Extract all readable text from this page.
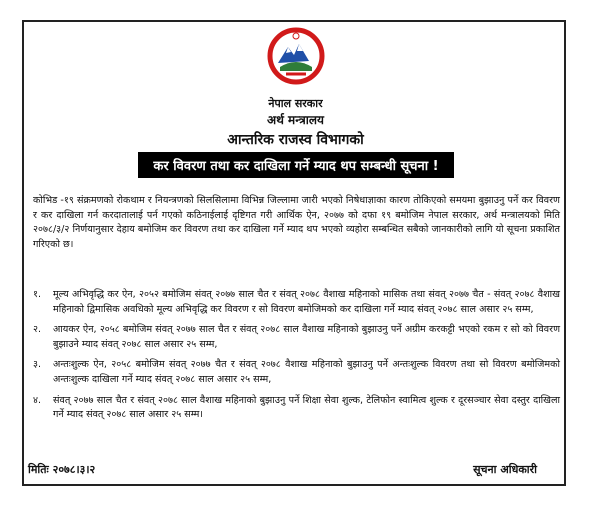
नेपाल सरकार
अर्थ मन्त्रालय
आन्तरिक राजस्व विभागको
कर विवरण तथा कर दाखिला गर्ने म्याद थप सम्बन्धी सूचना !
कोभिड -१९ संक्रमणको रोकथाम र नियन्त्रणको सिलसिलामा विभिन्न जिल्लामा जारी भएको निषेधाज्ञाका कारण तोकिएको समयमा बुझाउनु पर्ने कर विवरण र कर दाखिला गर्न करदातालाई पर्न गएको कठिनाईलाई दृष्टिगत गरी आर्थिक ऐन, २०७७ को दफा १९ बमोजिम नेपाल सरकार, अर्थ मन्त्रालयको मिति २०७८/३/२ निर्णयानुसार देहाय बमोजिम कर विवरण तथा कर दाखिला गर्ने म्याद थप भएको व्यहोरा सम्बन्धित सबैको जानकारीको लागि यो सूचना प्रकाशित गरिएको छ।
१.	मूल्य अभिवृद्धि कर ऐन, २०५२ बमोजिम संवत् २०७७ साल चैत र संवत् २०७८ वैशाख महिनाको मासिक तथा संवत् २०७७ चैत - संवत् २०७८ वैशाख महिनाको द्विमासिक अवधिको मूल्य अभिवृद्धि कर विवरण र सो विवरण बमोजिमको कर दाखिला गर्ने म्याद संवत् २०७८ साल असार २५ सम्म,
२.	आयकर ऐन, २०५८ बमोजिम संवत् २०७७ साल चैत र संवत् २०७८ साल वैशाख महिनाको बुझाउनु पर्ने अग्रीम करकट्टी भएको रकम र सो को विवरण बुझाउने म्याद संवत् २०७८ साल असार २५ सम्म,
३.	अन्तःशुल्क ऐन, २०५८ बमोजिम संवत् २०७७ चैत र संवत् २०७८ वैशाख महिनाको बुझाउनु पर्ने अन्तःशुल्क विवरण तथा सो विवरण बमोजिमको अन्तःशुल्क दाखिला गर्ने म्याद संवत् २०७८ साल असार २५ सम्म,
४.	संवत् २०७७ साल चैत र संवत् २०७८ साल वैशाख महिनाको बुझाउनु पर्ने शिक्षा सेवा शुल्क, टेलिफोन स्वामित्व शुल्क र दूरसञ्चार सेवा दस्तुर दाखिला गर्ने म्याद संवत् २०७८ साल असार २५ सम्म।
मितिः २०७८।३।२	सूचना अधिकारी
